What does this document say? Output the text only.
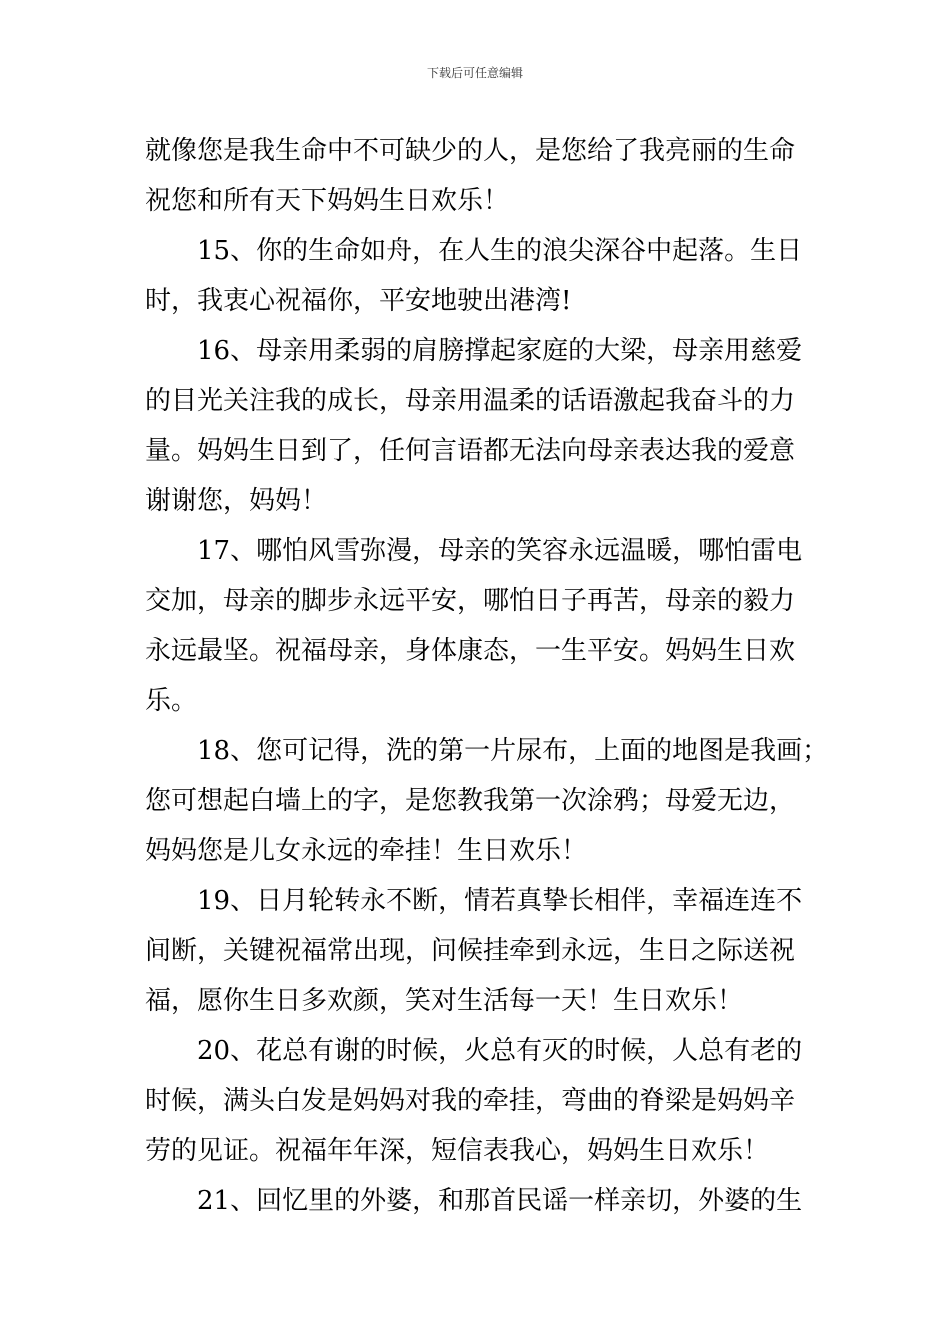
下载后可任意编辑
就像您是我生命中不可缺少的人，是您给了我亮丽的生命
祝您和所有天下妈妈生日欢乐！
15、你的生命如舟，在人生的浪尖深谷中起落。生日
时，我衷心祝福你，平安地驶出港湾!
16、母亲用柔弱的肩膀撑起家庭的大梁，母亲用慈爱
的目光关注我的成长，母亲用温柔的话语激起我奋斗的力
量。妈妈生日到了，任何言语都无法向母亲表达我的爱意
谢谢您，妈妈！
17、哪怕风雪弥漫，母亲的笑容永远温暖，哪怕雷电
交加，母亲的脚步永远平安，哪怕日子再苦，母亲的毅力
永远最坚。祝福母亲，身体康态，一生平安。妈妈生日欢
乐。
18、您可记得，洗的第一片尿布，上面的地图是我画；
您可想起白墙上的字，是您教我第一次涂鸦；母爱无边，
妈妈您是儿女永远的牵挂！生日欢乐！
19、日月轮转永不断，情若真挚长相伴，幸福连连不
间断，关键祝福常出现，问候挂牵到永远，生日之际送祝
福，愿你生日多欢颜，笑对生活每一天！生日欢乐！
20、花总有谢的时候，火总有灭的时候，人总有老的
时候，满头白发是妈妈对我的牵挂，弯曲的脊梁是妈妈辛
劳的见证。祝福年年深，短信表我心，妈妈生日欢乐！
21、回忆里的外婆，和那首民谣一样亲切，外婆的生
